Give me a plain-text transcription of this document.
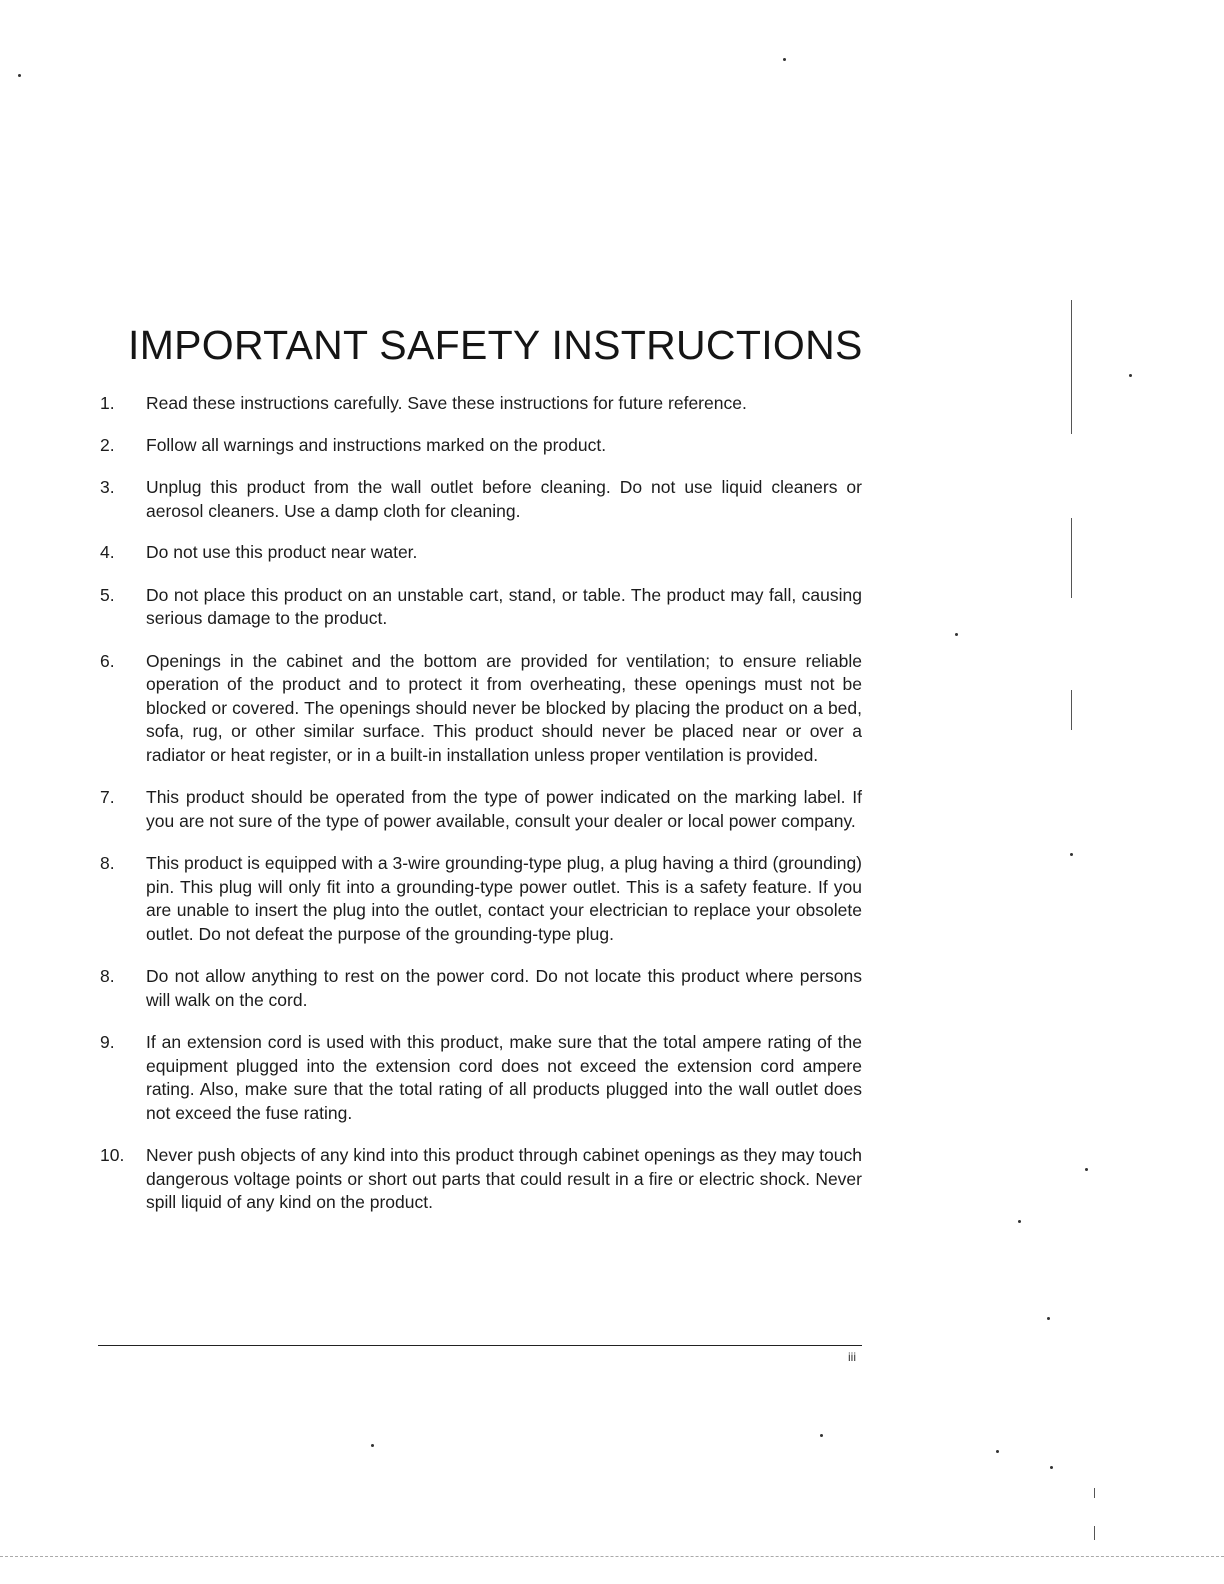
IMPORTANT SAFETY INSTRUCTIONS
1.	Read these instructions carefully. Save these instructions for future reference.
2.	Follow all warnings and instructions marked on the product.
3.	Unplug this product from the wall outlet before cleaning. Do not use liquid cleaners or aerosol cleaners. Use a damp cloth for cleaning.
4.	Do not use this product near water.
5.	Do not place this product on an unstable cart, stand, or table. The product may fall, causing serious damage to the product.
6.	Openings in the cabinet and the bottom are provided for ventilation; to ensure reliable operation of the product and to protect it from overheating, these openings must not be blocked or covered. The openings should never be blocked by placing the product on a bed, sofa, rug, or other similar surface. This product should never be placed near or over a radiator or heat register, or in a built-in installation unless proper ventilation is provided.
7.	This product should be operated from the type of power indicated on the marking label. If you are not sure of the type of power available, consult your dealer or local power company.
8.	This product is equipped with a 3-wire grounding-type plug, a plug having a third (grounding) pin. This plug will only fit into a grounding-type power outlet. This is a safety feature. If you are unable to insert the plug into the outlet, contact your electrician to replace your obsolete outlet. Do not defeat the purpose of the grounding-type plug.
8.	Do not allow anything to rest on the power cord. Do not locate this product where persons will walk on the cord.
9.	If an extension cord is used with this product, make sure that the total ampere rating of the equipment plugged into the extension cord does not exceed the extension cord ampere rating. Also, make sure that the total rating of all products plugged into the wall outlet does not exceed the fuse rating.
10.	Never push objects of any kind into this product through cabinet openings as they may touch dangerous voltage points or short out parts that could result in a fire or electric shock. Never spill liquid of any kind on the product.
iii
